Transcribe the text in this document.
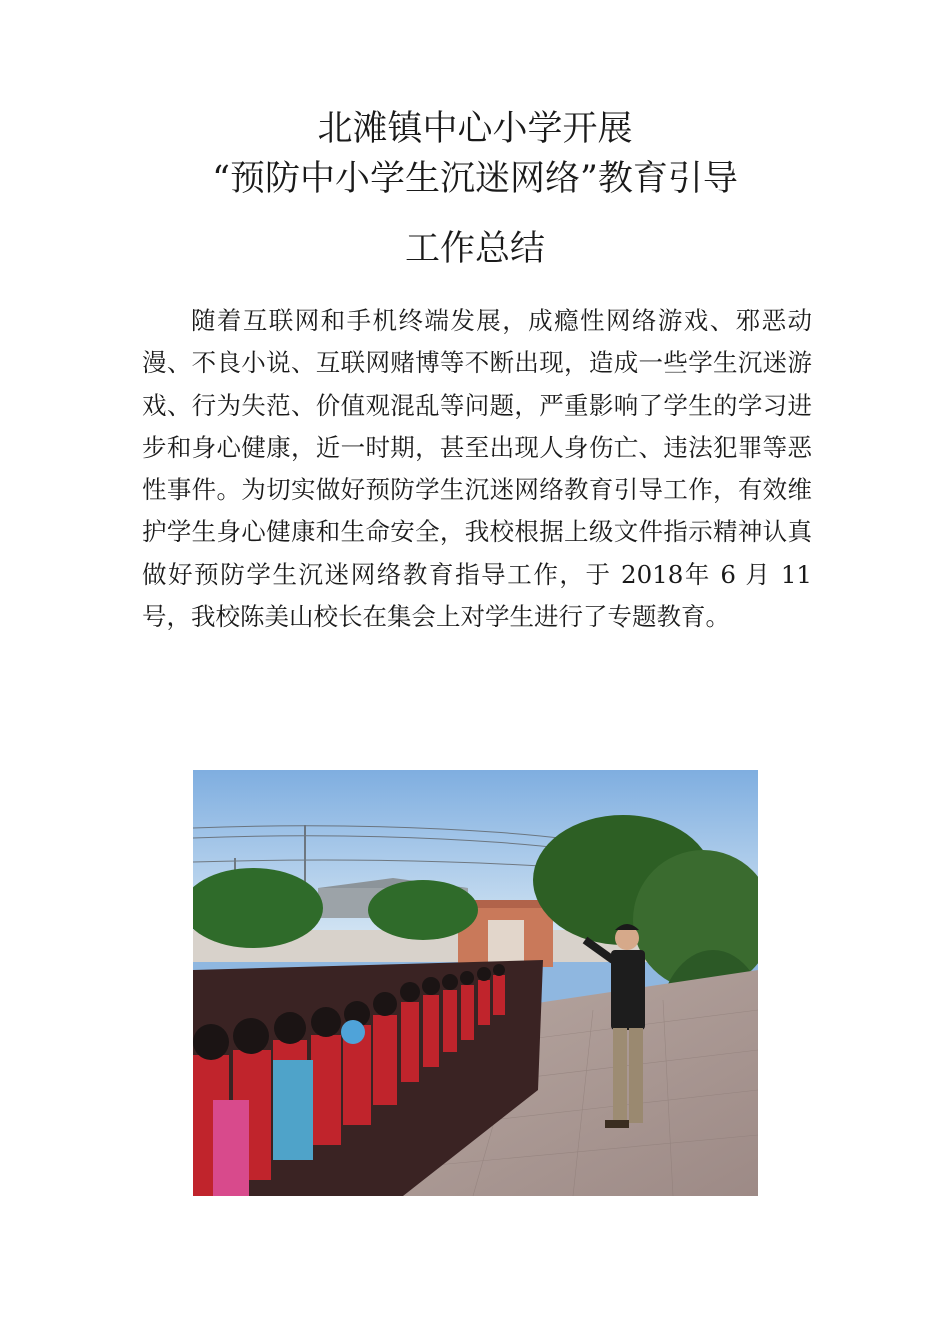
北滩镇中心小学开展
“预防中小学生沉迷网络”教育引导
工作总结

随着互联网和手机终端发展，成瘾性网络游戏、邪恶动漫、不良小说、互联网赌博等不断出现，造成一些学生沉迷游戏、行为失范、价值观混乱等问题，严重影响了学生的学习进步和身心健康，近一时期，甚至出现人身伤亡、违法犯罪等恶性事件。为切实做好预防学生沉迷网络教育引导工作，有效维护学生身心健康和生命安全，我校根据上级文件指示精神认真做好预防学生沉迷网络教育指导工作，于 2018年 6 月 11 号，我校陈美山校长在集会上对学生进行了专题教育。
